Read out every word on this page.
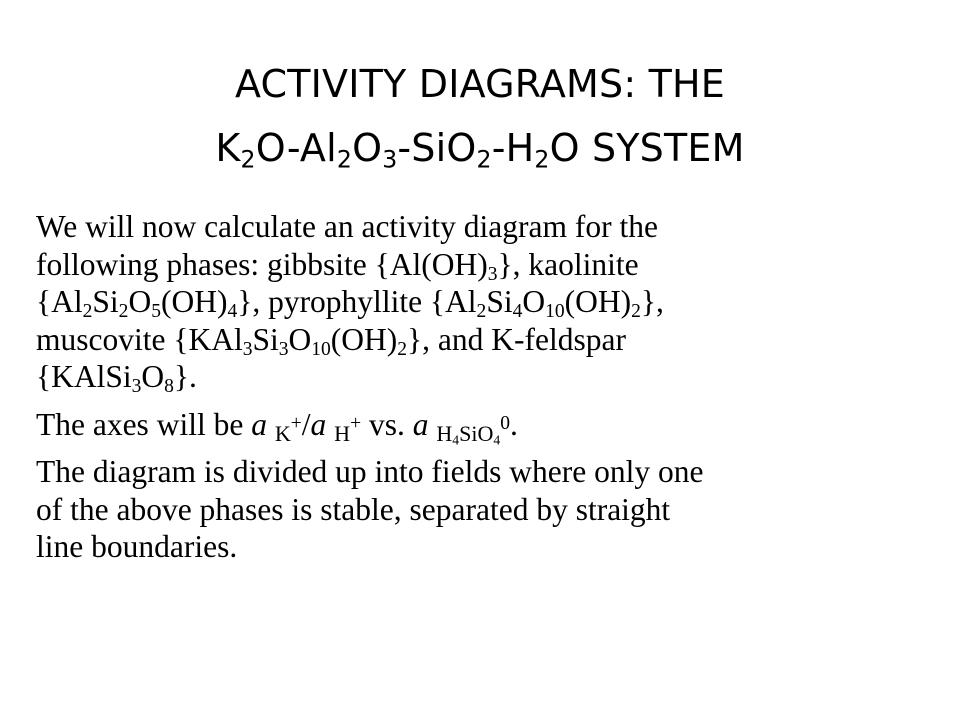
ACTIVITY DIAGRAMS: THE
$K_2O-Al_2O_3-SiO_2-H_2O$ SYSTEM
We will now calculate an activity diagram for the
following phases: gibbsite $\{Al(OH)_3\}$, kaolinite
$\{Al_2Si_2O_5(OH)_4\}$, pyrophyllite $\{Al_2Si_4O_{10}(OH)_2\}$,
muscovite $\{KAl_3Si_3O_{10}(OH)_2\}$, and K-feldspar
$\{KAlSi_3O_8\}$.
The axes will be a K+/a H+ vs. a $H_4SiO_4^0$.
The diagram is divided up into fields where only one
of the above phases is stable, separated by straight
line boundaries.
